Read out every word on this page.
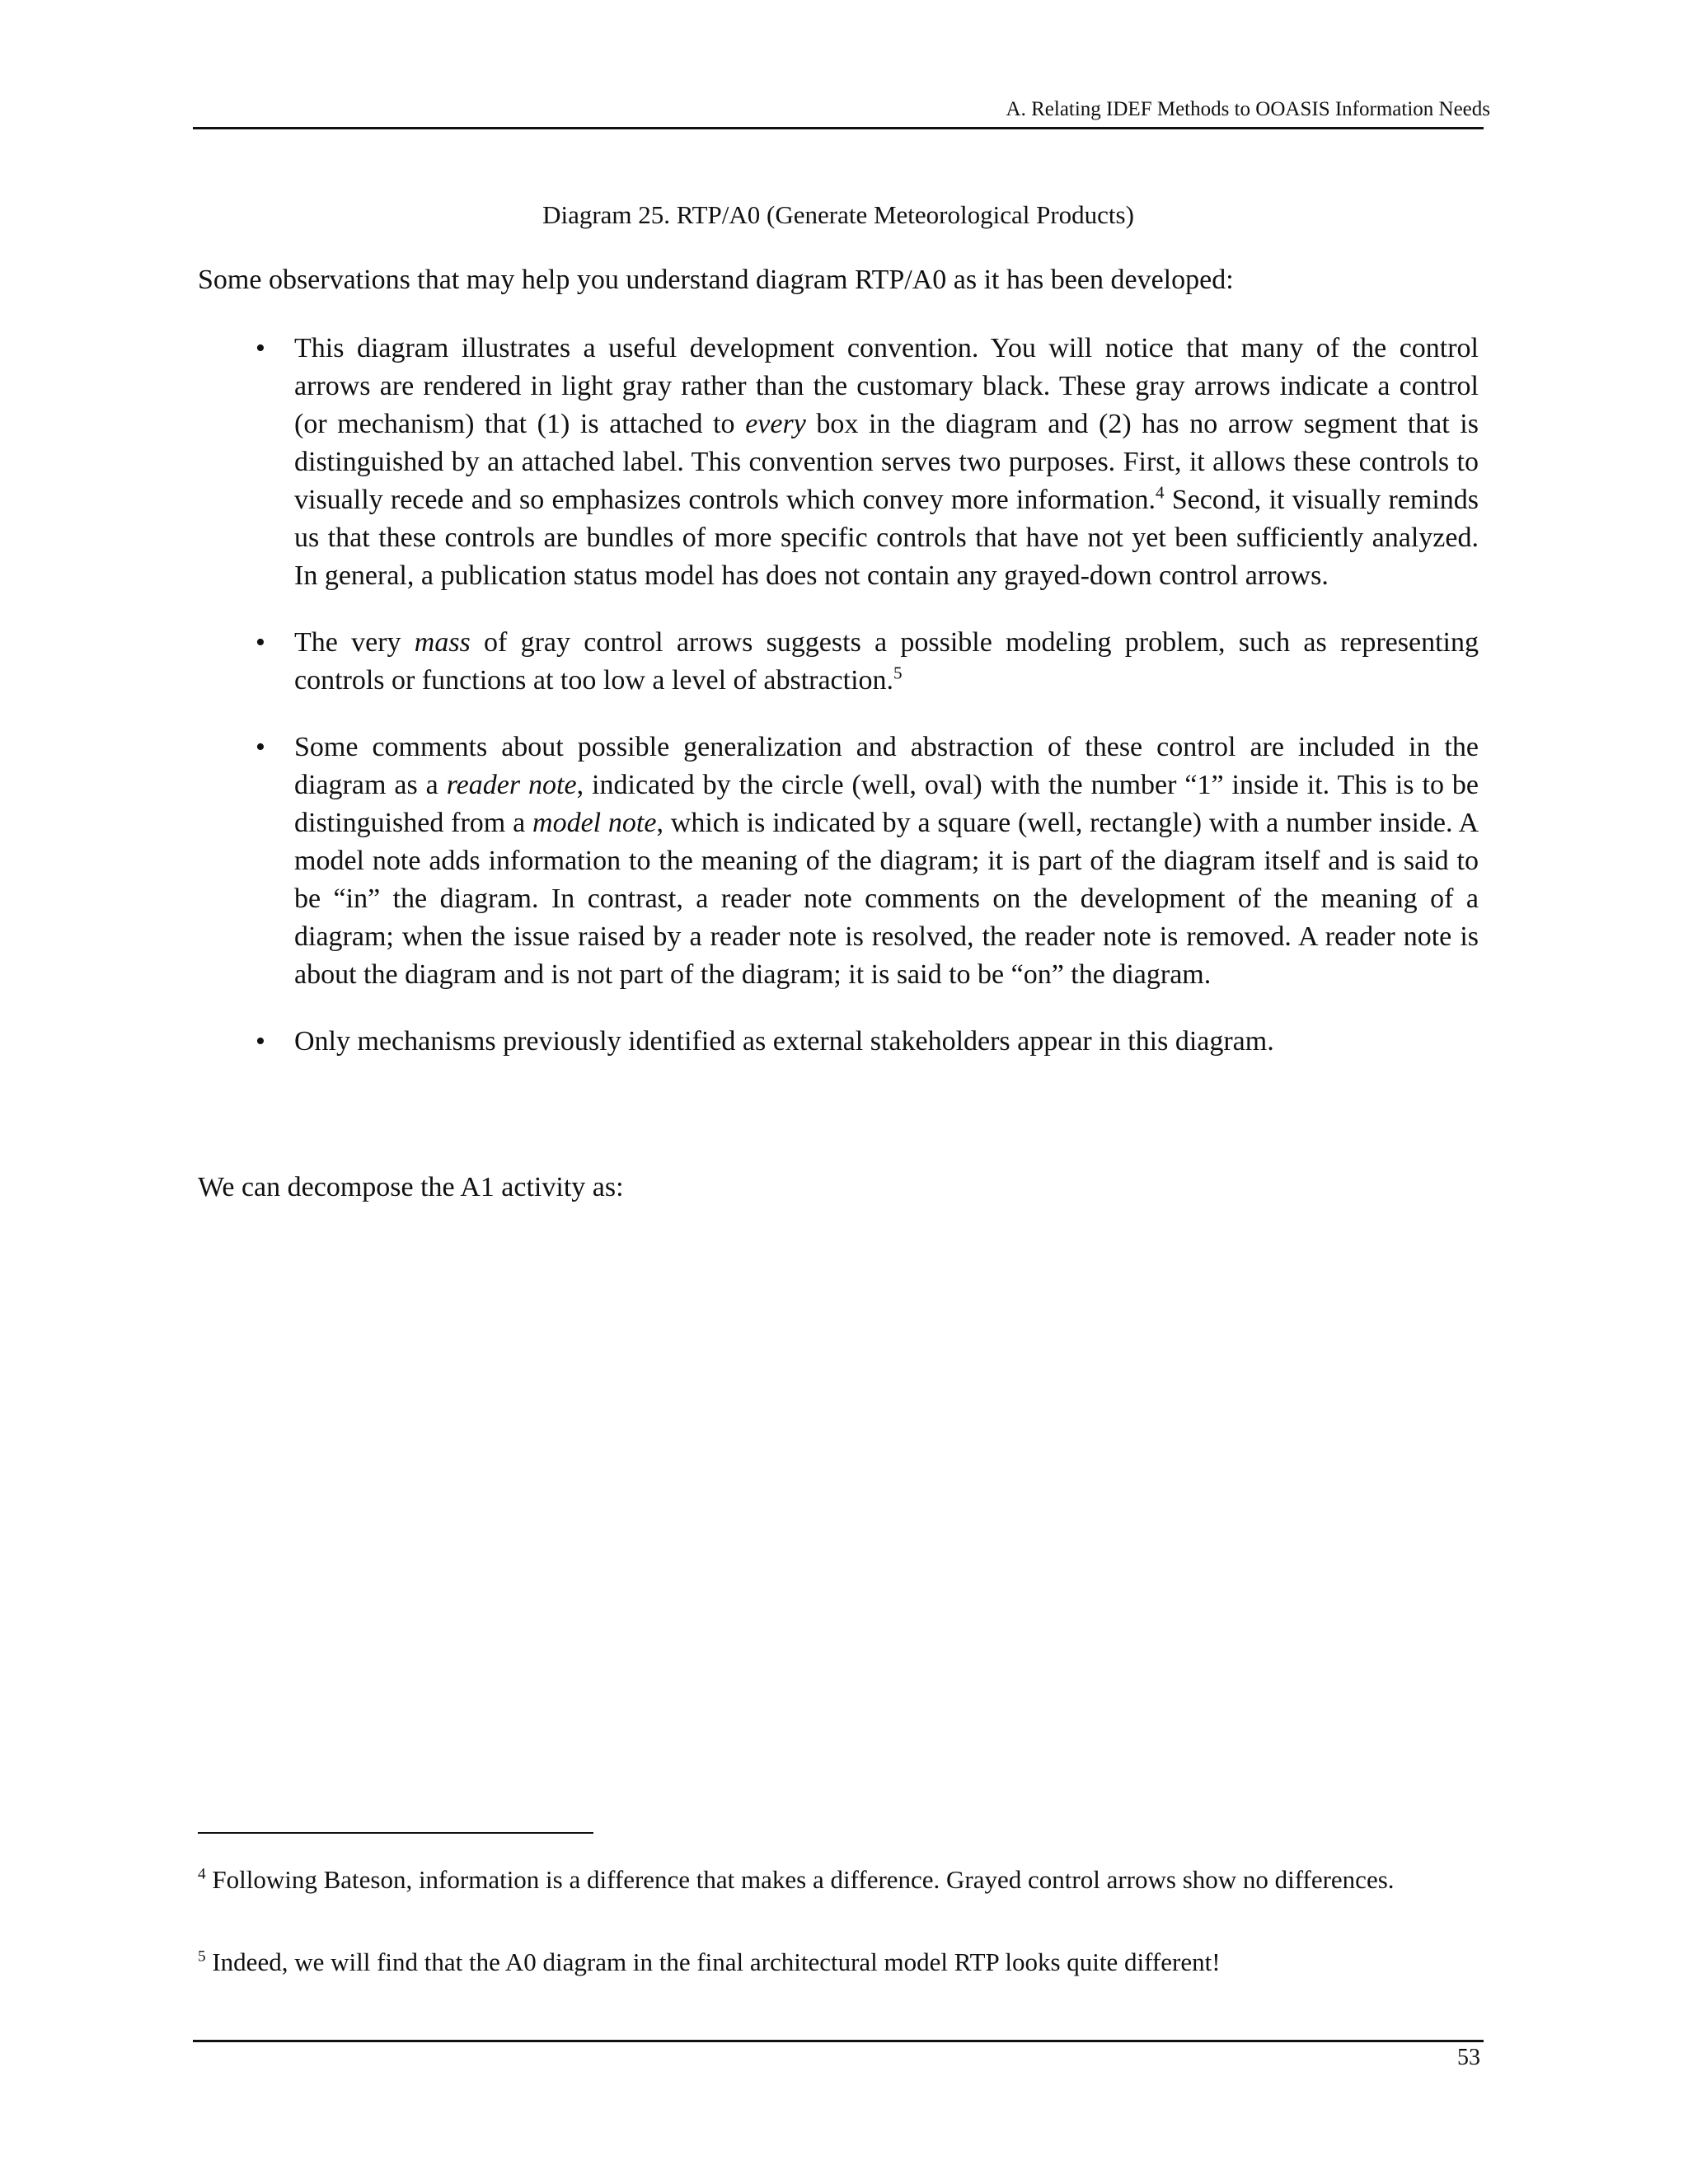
A. Relating IDEF Methods to OOASIS Information Needs
Diagram 25. RTP/A0 (Generate Meteorological Products)
Some observations that may help you understand diagram RTP/A0 as it has been developed:
• This diagram illustrates a useful development convention. You will notice that many of the control arrows are rendered in light gray rather than the customary black. These gray arrows indicate a control (or mechanism) that (1) is attached to every box in the diagram and (2) has no arrow segment that is distinguished by an attached label. This convention serves two purposes. First, it allows these controls to visually recede and so emphasizes controls which convey more information.$^4$ Second, it visually reminds us that these controls are bundles of more specific controls that have not yet been sufficiently analyzed. In general, a publication status model has does not contain any grayed-down control arrows.
• The very mass of gray control arrows suggests a possible modeling problem, such as representing controls or functions at too low a level of abstraction.$^5$
• Some comments about possible generalization and abstraction of these control are included in the diagram as a reader note, indicated by the circle (well, oval) with the number “1” inside it. This is to be distinguished from a model note, which is indicated by a square (well, rectangle) with a number inside. A model note adds information to the meaning of the diagram; it is part of the diagram itself and is said to be “in” the diagram. In contrast, a reader note comments on the development of the meaning of a diagram; when the issue raised by a reader note is resolved, the reader note is removed. A reader note is about the diagram and is not part of the diagram; it is said to be “on” the diagram.
• Only mechanisms previously identified as external stakeholders appear in this diagram.
We can decompose the A1 activity as:
$^4$ Following Bateson, information is a difference that makes a difference. Grayed control arrows show no differences.
$^5$ Indeed, we will find that the A0 diagram in the final architectural model RTP looks quite different!
53
